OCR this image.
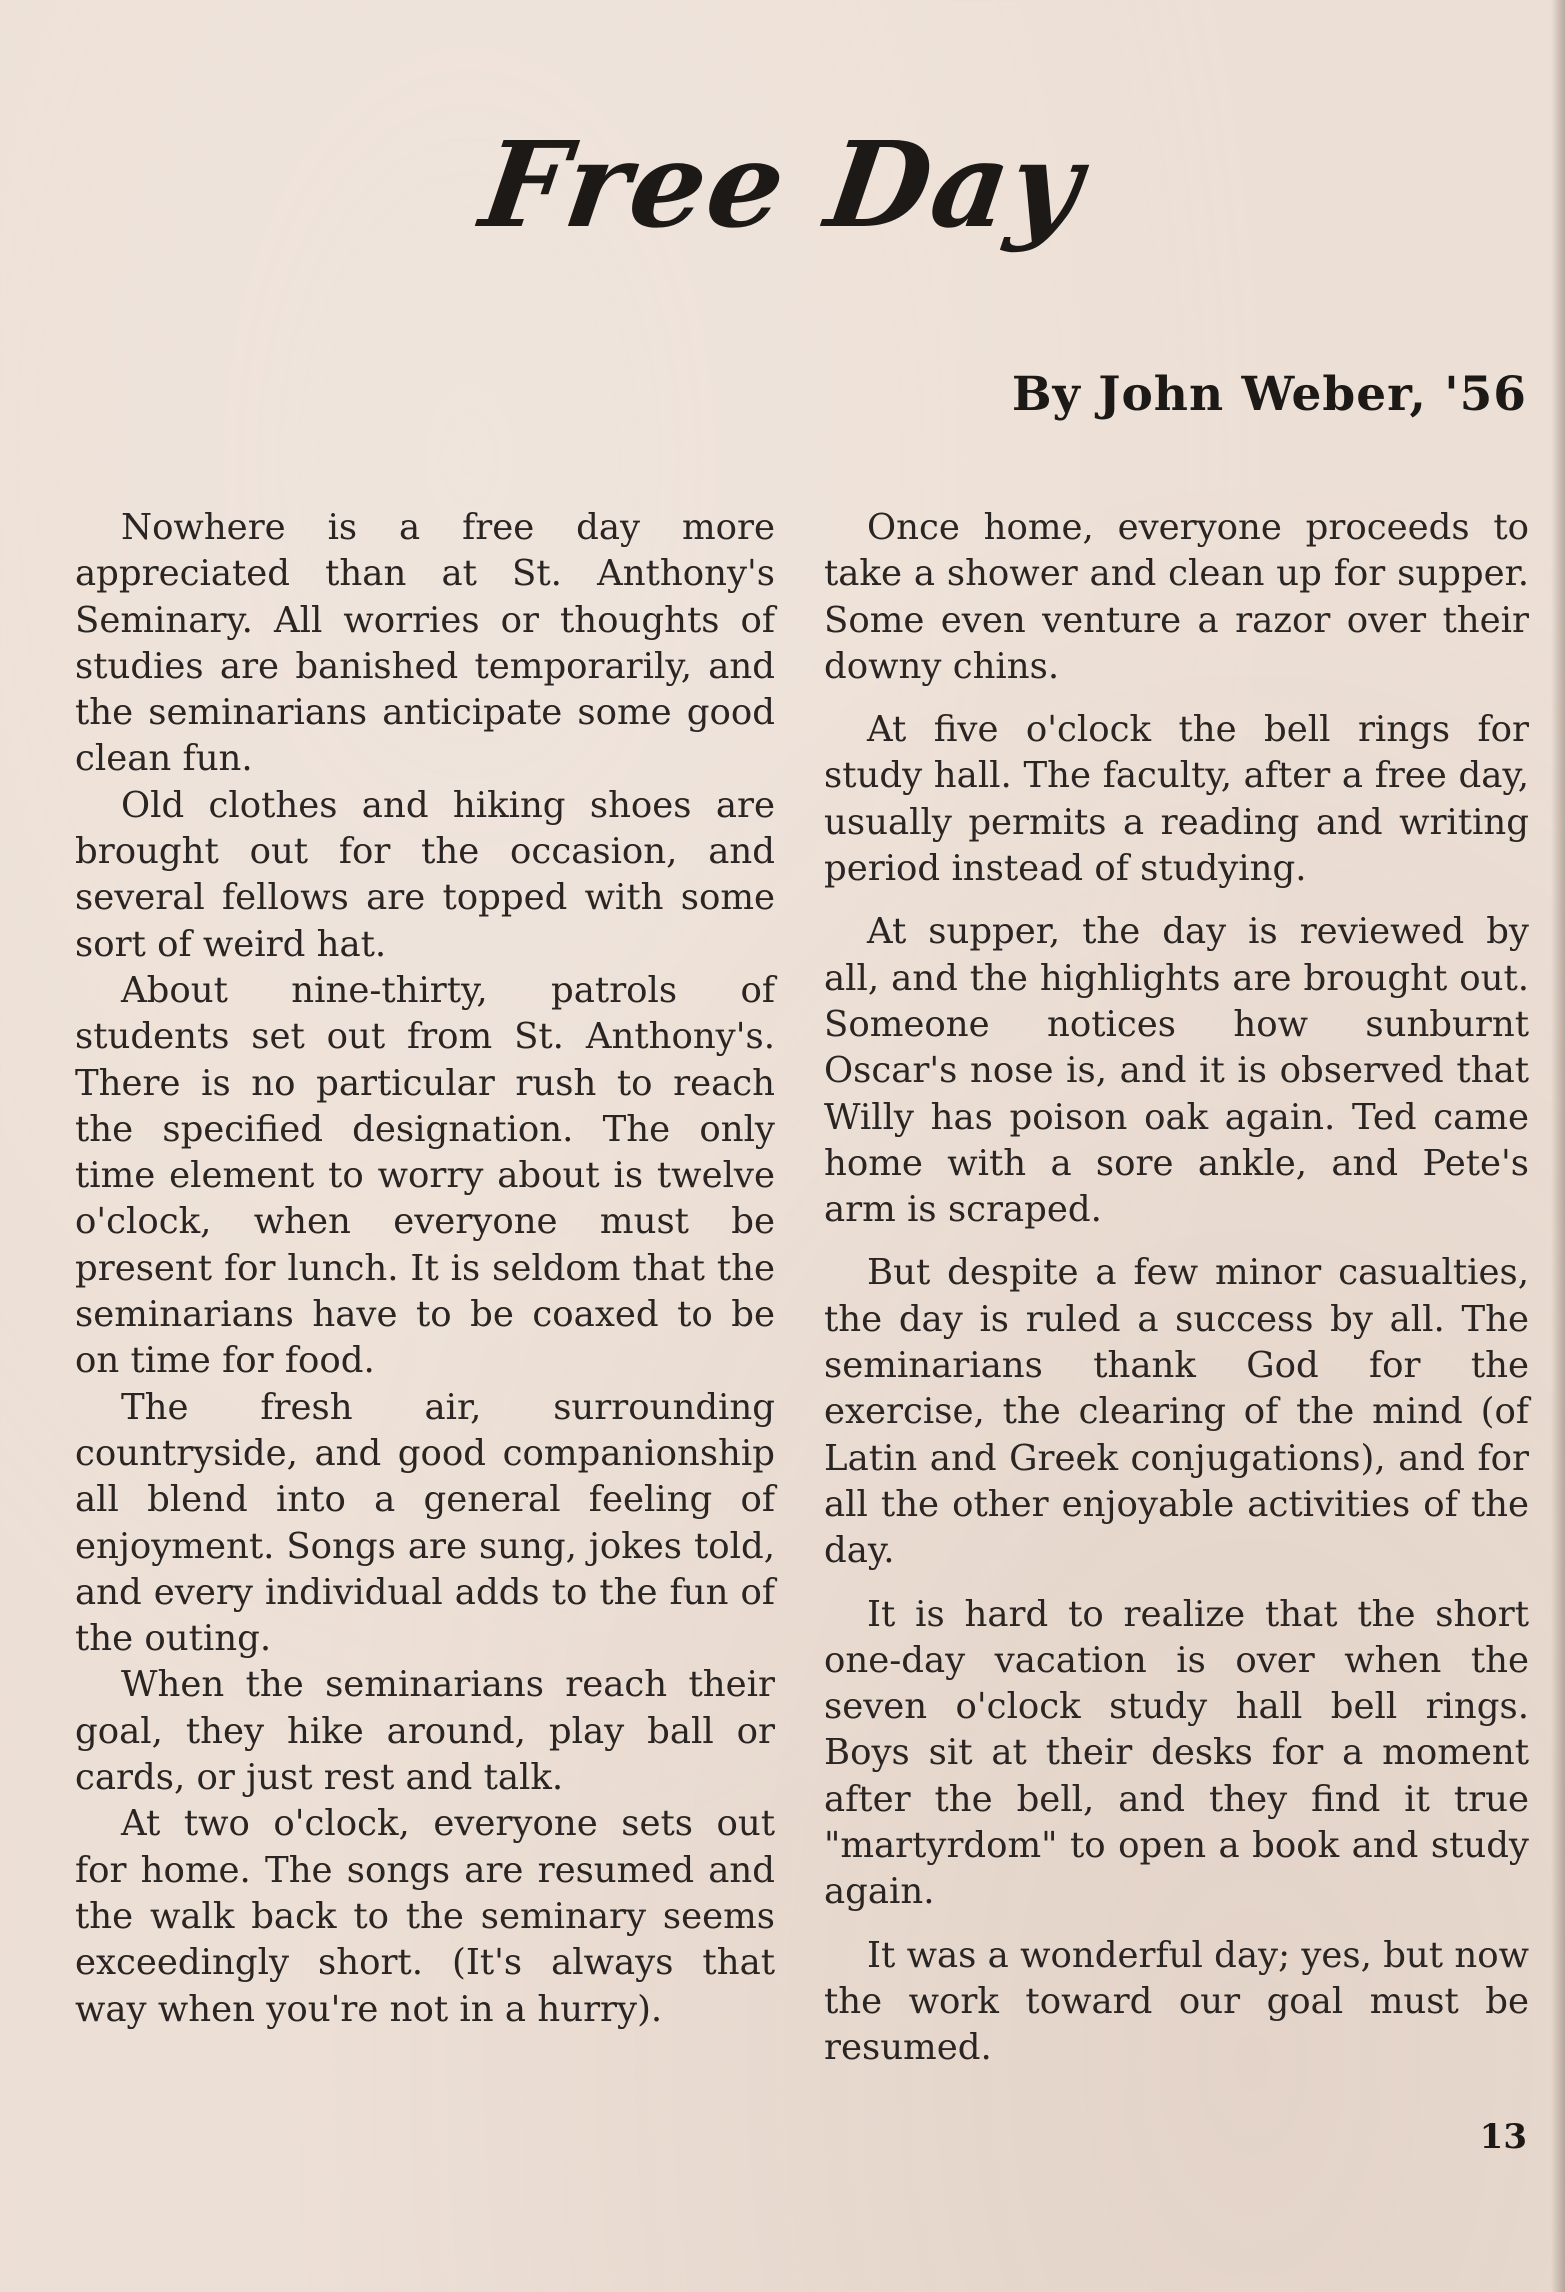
Free Day
By John Weber, '56

Nowhere is a free day more appreciated than at St. Anthony's Seminary. All worries or thoughts of studies are banished temporarily, and the seminarians anticipate some good clean fun.

Old clothes and hiking shoes are brought out for the occasion, and several fellows are topped with some sort of weird hat.

About nine-thirty, patrols of students set out from St. Anthony's. There is no particular rush to reach the specified designation. The only time element to worry about is twelve o'clock, when everyone must be present for lunch. It is seldom that the seminarians have to be coaxed to be on time for food.

The fresh air, surrounding countryside, and good companionship all blend into a general feeling of enjoyment. Songs are sung, jokes told, and every individual adds to the fun of the outing.

When the seminarians reach their goal, they hike around, play ball or cards, or just rest and talk.

At two o'clock, everyone sets out for home. The songs are resumed and the walk back to the seminary seems exceedingly short. (It's always that way when you're not in a hurry).

Once home, everyone proceeds to take a shower and clean up for supper. Some even venture a razor over their downy chins.

At five o'clock the bell rings for study hall. The faculty, after a free day, usually permits a reading and writing period instead of studying.

At supper, the day is reviewed by all, and the highlights are brought out. Someone notices how sunburnt Oscar's nose is, and it is observed that Willy has poison oak again. Ted came home with a sore ankle, and Pete's arm is scraped.

But despite a few minor casualties, the day is ruled a success by all. The seminarians thank God for the exercise, the clearing of the mind (of Latin and Greek conjugations), and for all the other enjoyable activities of the day.

It is hard to realize that the short one-day vacation is over when the seven o'clock study hall bell rings. Boys sit at their desks for a moment after the bell, and they find it true "martyrdom" to open a book and study again.

It was a wonderful day; yes, but now the work toward our goal must be resumed.

13
